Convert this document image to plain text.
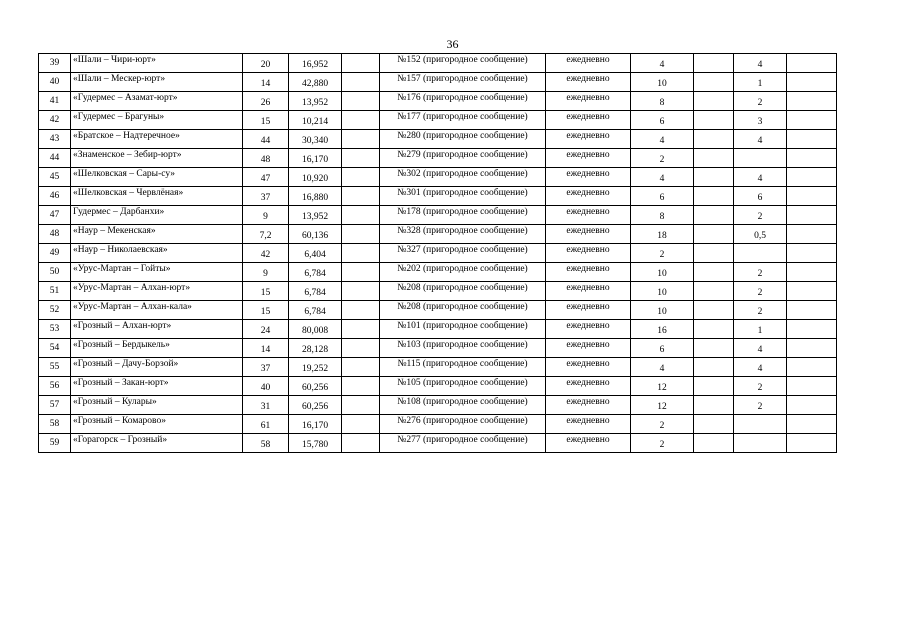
36
39	«Шали – Чири-юрт»	20	16,952		№152 (пригородное сообщение)	ежедневно	4		4	
40	«Шали – Мескер-юрт»	14	42,880		№157 (пригородное сообщение)	ежедневно	10		1	
41	«Гудермес – Азамат-юрт»	26	13,952		№176 (пригородное сообщение)	ежедневно	8		2	
42	«Гудермес – Брагуны»	15	10,214		№177 (пригородное сообщение)	ежедневно	6		3	
43	«Братское – Надтеречное»	44	30,340		№280 (пригородное сообщение)	ежедневно	4		4	
44	«Знаменское – Зебир-юрт»	48	16,170		№279 (пригородное сообщение)	ежедневно	2			
45	«Шелковская – Сары-су»	47	10,920		№302 (пригородное сообщение)	ежедневно	4		4	
46	«Шелковская – Червлёная»	37	16,880		№301 (пригородное сообщение)	ежедневно	6		6	
47	Гудермес – Дарбанхи»	9	13,952		№178 (пригородное сообщение)	ежедневно	8		2	
48	«Наур – Мекенская»	7,2	60,136		№328 (пригородное сообщение)	ежедневно	18		0,5	
49	«Наур – Николаевская»	42	6,404		№327 (пригородное сообщение)	ежедневно	2			
50	«Урус-Мартан – Гойты»	9	6,784		№202 (пригородное сообщение)	ежедневно	10		2	
51	«Урус-Мартан – Алхан-юрт»	15	6,784		№208 (пригородное сообщение)	ежедневно	10		2	
52	«Урус-Мартан – Алхан-кала»	15	6,784		№208 (пригородное сообщение)	ежедневно	10		2	
53	«Грозный – Алхан-юрт»	24	80,008		№101 (пригородное сообщение)	ежедневно	16		1	
54	«Грозный – Бердыкель»	14	28,128		№103 (пригородное сообщение)	ежедневно	6		4	
55	«Грозный – Дачу-Борзой»	37	19,252		№115 (пригородное сообщение)	ежедневно	4		4	
56	«Грозный – Закан-юрт»	40	60,256		№105 (пригородное сообщение)	ежедневно	12		2	
57	«Грозный – Кулары»	31	60,256		№108 (пригородное сообщение)	ежедневно	12		2	
58	«Грозный – Комарово»	61	16,170		№276 (пригородное сообщение)	ежедневно	2			
59	«Горагорск – Грозный»	58	15,780		№277 (пригородное сообщение)	ежедневно	2			
